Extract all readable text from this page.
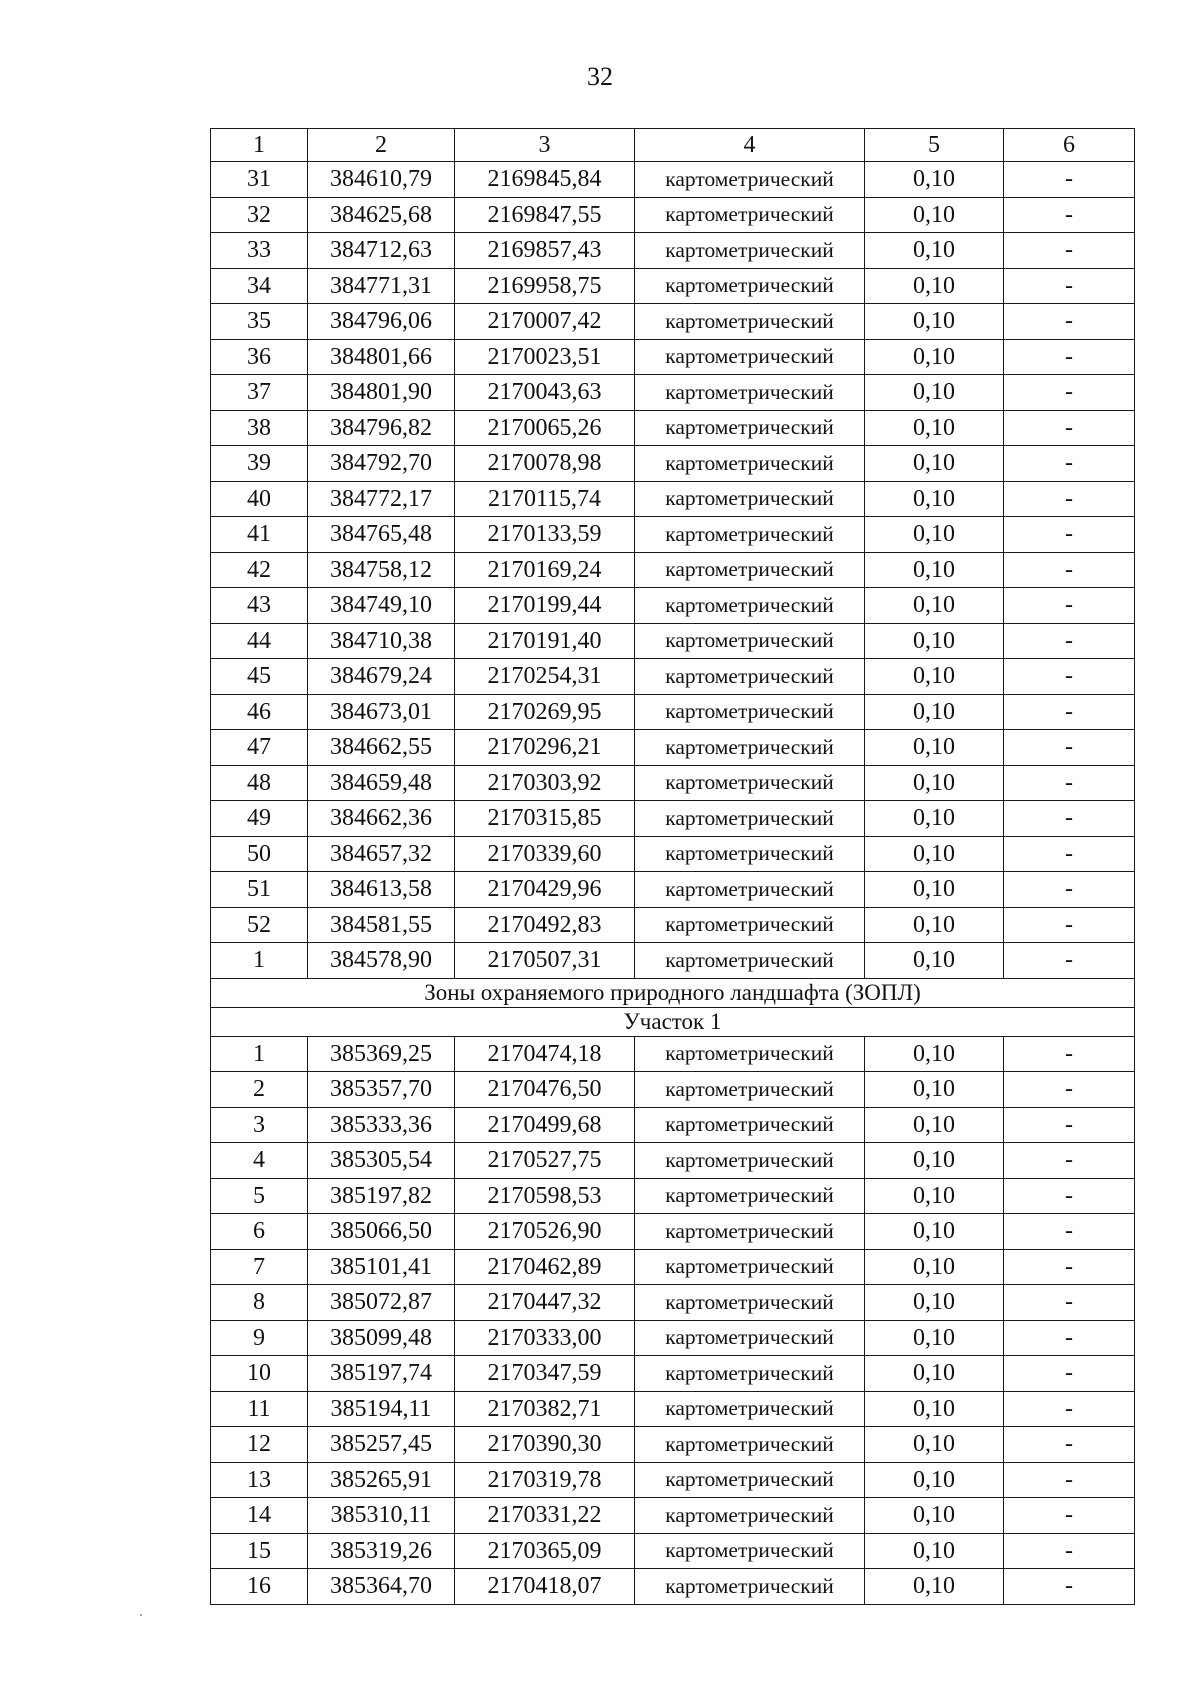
32
1	2	3	4	5	6
31	384610,79	2169845,84	картометрический	0,10	-
32	384625,68	2169847,55	картометрический	0,10	-
33	384712,63	2169857,43	картометрический	0,10	-
34	384771,31	2169958,75	картометрический	0,10	-
35	384796,06	2170007,42	картометрический	0,10	-
36	384801,66	2170023,51	картометрический	0,10	-
37	384801,90	2170043,63	картометрический	0,10	-
38	384796,82	2170065,26	картометрический	0,10	-
39	384792,70	2170078,98	картометрический	0,10	-
40	384772,17	2170115,74	картометрический	0,10	-
41	384765,48	2170133,59	картометрический	0,10	-
42	384758,12	2170169,24	картометрический	0,10	-
43	384749,10	2170199,44	картометрический	0,10	-
44	384710,38	2170191,40	картометрический	0,10	-
45	384679,24	2170254,31	картометрический	0,10	-
46	384673,01	2170269,95	картометрический	0,10	-
47	384662,55	2170296,21	картометрический	0,10	-
48	384659,48	2170303,92	картометрический	0,10	-
49	384662,36	2170315,85	картометрический	0,10	-
50	384657,32	2170339,60	картометрический	0,10	-
51	384613,58	2170429,96	картометрический	0,10	-
52	384581,55	2170492,83	картометрический	0,10	-
1	384578,90	2170507,31	картометрический	0,10	-
Зоны охраняемого природного ландшафта (ЗОПЛ)					
Участок 1					
1	385369,25	2170474,18	картометрический	0,10	-
2	385357,70	2170476,50	картометрический	0,10	-
3	385333,36	2170499,68	картометрический	0,10	-
4	385305,54	2170527,75	картометрический	0,10	-
5	385197,82	2170598,53	картометрический	0,10	-
6	385066,50	2170526,90	картометрический	0,10	-
7	385101,41	2170462,89	картометрический	0,10	-
8	385072,87	2170447,32	картометрический	0,10	-
9	385099,48	2170333,00	картометрический	0,10	-
10	385197,74	2170347,59	картометрический	0,10	-
11	385194,11	2170382,71	картометрический	0,10	-
12	385257,45	2170390,30	картометрический	0,10	-
13	385265,91	2170319,78	картометрический	0,10	-
14	385310,11	2170331,22	картометрический	0,10	-
15	385319,26	2170365,09	картометрический	0,10	-
16	385364,70	2170418,07	картометрический	0,10	-
